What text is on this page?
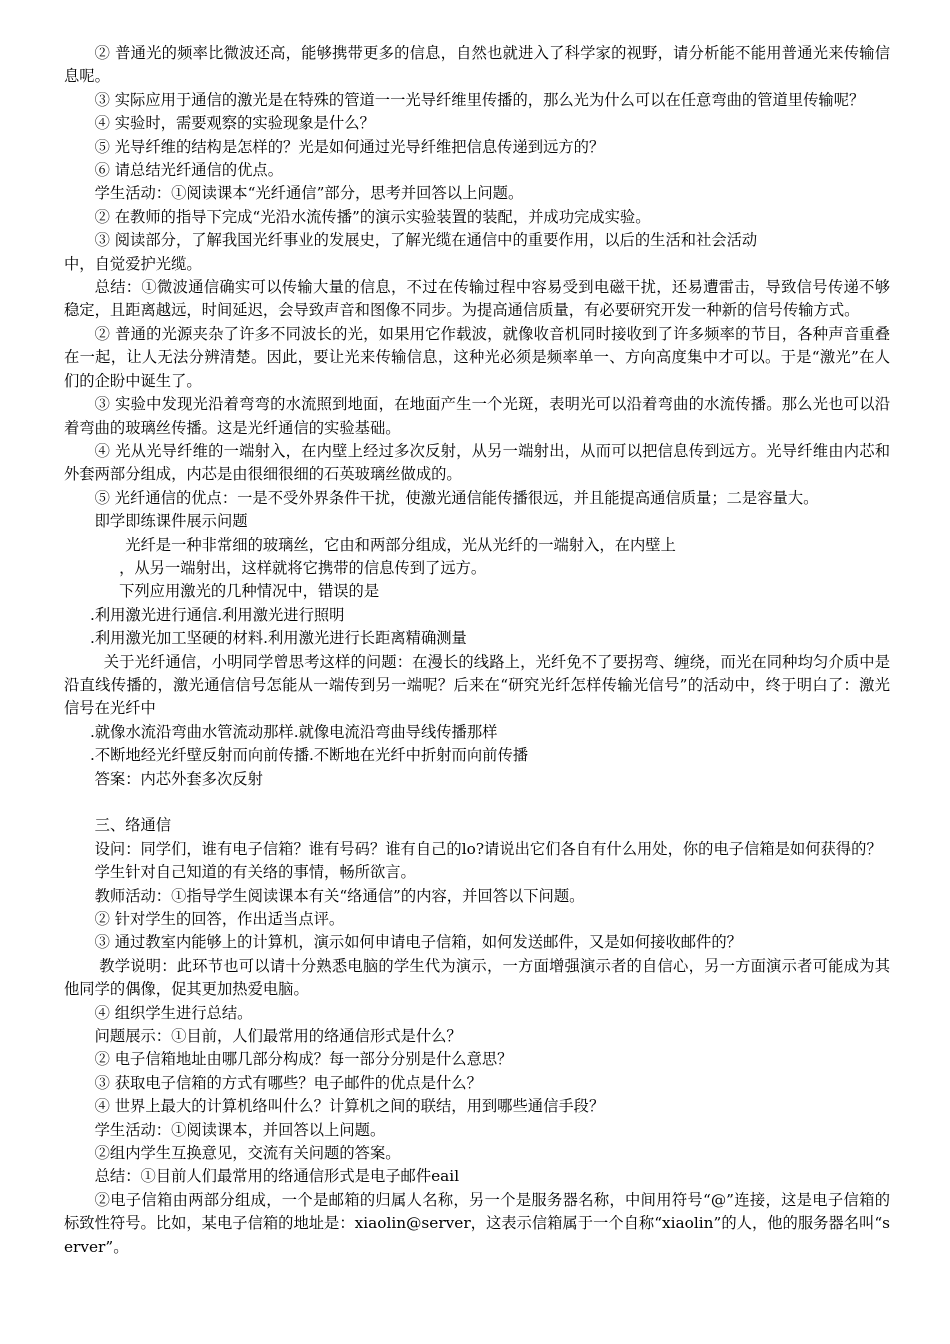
② 普通光的频率比微波还高，能够携带更多的信息，自然也就进入了科学家的视野，请分析能不能用普通光来传输信息呢。

③ 实际应用于通信的激光是在特殊的管道一一光导纤维里传播的，那么光为什么可以在任意弯曲的管道里传输呢？

④ 实验时，需要观察的实验现象是什么？

⑤ 光导纤维的结构是怎样的？光是如何通过光导纤维把信息传递到远方的？

⑥ 请总结光纤通信的优点。

学生活动：①阅读课本“光纤通信”部分，思考并回答以上问题。

② 在教师的指导下完成“光沿水流传播”的演示实验装置的装配，并成功完成实验。

③ 阅读部分，了解我国光纤事业的发展史，了解光缆在通信中的重要作用，以后的生活和社会活动

中，自觉爱护光缆。

总结：①微波通信确实可以传输大量的信息，不过在传输过程中容易受到电磁干扰，还易遭雷击，导致信号传递不够稳定，且距离越远，时间延迟，会导致声音和图像不同步。为提高通信质量，有必要研究开发一种新的信号传输方式。

② 普通的光源夹杂了许多不同波长的光，如果用它作载波，就像收音机同时接收到了许多频率的节目，各种声音重叠在一起，让人无法分辨清楚。因此，要让光来传输信息，这种光必须是频率单一、方向高度集中才可以。于是“激光”在人们的企盼中诞生了。

③ 实验中发现光沿着弯弯的水流照到地面，在地面产生一个光斑，表明光可以沿着弯曲的水流传播。那么光也可以沿着弯曲的玻璃丝传播。这是光纤通信的实验基础。

④ 光从光导纤维的一端射入，在内壁上经过多次反射，从另一端射出，从而可以把信息传到远方。光导纤维由内芯和外套两部分组成，内芯是由很细很细的石英玻璃丝做成的。

⑤ 光纤通信的优点：一是不受外界条件干扰，使激光通信能传播很远，并且能提高通信质量；二是容量大。

即学即练课件展示问题

光纤是一种非常细的玻璃丝，它由和两部分组成，光从光纤的一端射入，在内壁上

，从另一端射出，这样就将它携带的信息传到了远方。

下列应用激光的几种情况中，错误的是

.利用激光进行通信.利用激光进行照明

.利用激光加工坚硬的材料.利用激光进行长距离精确测量

关于光纤通信，小明同学曾思考这样的问题：在漫长的线路上，光纤免不了要拐弯、缠绕，而光在同种均匀介质中是沿直线传播的，激光通信信号怎能从一端传到另一端呢？后来在“研究光纤怎样传输光信号”的活动中，终于明白了：激光信号在光纤中

.就像水流沿弯曲水管流动那样.就像电流沿弯曲导线传播那样

.不断地经光纤壁反射而向前传播.不断地在光纤中折射而向前传播

答案：内芯外套多次反射

三、络通信

设问：同学们，谁有电子信箱？谁有号码？谁有自己的lo?请说出它们各自有什么用处，你的电子信箱是如何获得的？

学生针对自己知道的有关络的事情，畅所欲言。

教师活动：①指导学生阅读课本有关“络通信”的内容，并回答以下问题。

② 针对学生的回答，作出适当点评。

③ 通过教室内能够上的计算机，演示如何申请电子信箱，如何发送邮件，又是如何接收邮件的？

教学说明：此环节也可以请十分熟悉电脑的学生代为演示，一方面增强演示者的自信心，另一方面演示者可能成为其他同学的偶像，促其更加热爱电脑。

④ 组织学生进行总结。

问题展示：①目前，人们最常用的络通信形式是什么？

② 电子信箱地址由哪几部分构成？每一部分分别是什么意思？

③ 获取电子信箱的方式有哪些？电子邮件的优点是什么？

④ 世界上最大的计算机络叫什么？计算机之间的联结，用到哪些通信手段？

学生活动：①阅读课本，并回答以上问题。

②组内学生互换意见，交流有关问题的答案。

总结：①目前人们最常用的络通信形式是电子邮件eail

②电子信箱由两部分组成，一个是邮箱的归属人名称，另一个是服务器名称，中间用符号“@”连接，这是电子信箱的标致性符号。比如，某电子信箱的地址是：xiaolin@server，这表示信箱属于一个自称“xiaolin”的人，他的服务器名叫“server”。
